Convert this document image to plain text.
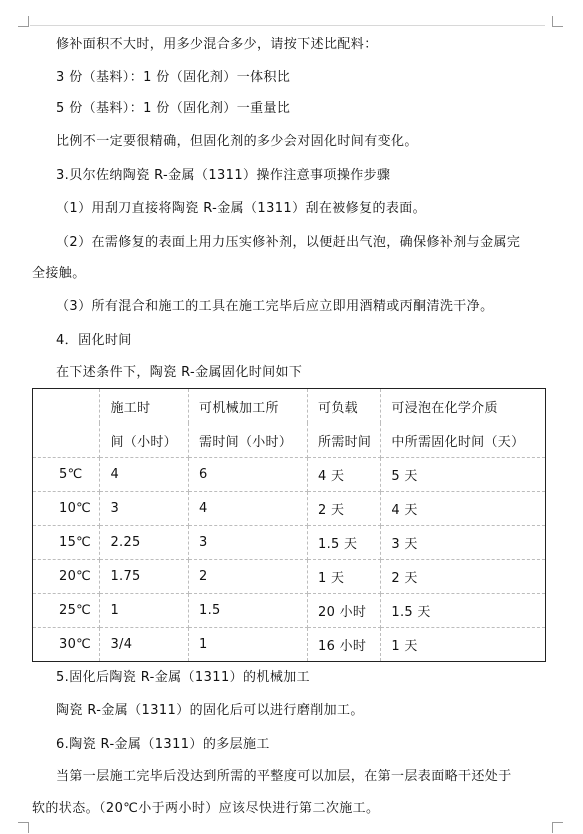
修补面积不大时，用多少混合多少，请按下述比配料：
3 份（基料）：1 份（固化剂）一体积比
5 份（基料）：1 份（固化剂）一重量比
比例不一定要很精确，但固化剂的多少会对固化时间有变化。
3.贝尔佐纳陶瓷 R-金属（1311）操作注意事项操作步骤
（1）用刮刀直接将陶瓷 R-金属（1311）刮在被修复的表面。
（2）在需修复的表面上用力压实修补剂，以便赶出气泡，确保修补剂与金属完
全接触。
（3）所有混合和施工的工具在施工完毕后应立即用酒精或丙酮清洗干净。
4．固化时间
在下述条件下，陶瓷 R-金属固化时间如下
	施工时	可机械加工所	可负载	可浸泡在化学介质
	间（小时）	需时间（小时）	所需时间	中所需固化时间（天）
5℃	4	6	4 天	5 天
10℃	3	4	2 天	4 天
15℃	2.25	3	1.5 天	3 天
20℃	1.75	2	1 天	2 天
25℃	1	1.5	20 小时	1.5 天
30℃	3/4	1	16 小时	1 天
5.固化后陶瓷 R-金属（1311）的机械加工
陶瓷 R-金属（1311）的固化后可以进行磨削加工。
6.陶瓷 R-金属（1311）的多层施工
当第一层施工完毕后没达到所需的平整度可以加层，在第一层表面略干还处于
软的状态。（20℃小于两小时）应该尽快进行第二次施工。
